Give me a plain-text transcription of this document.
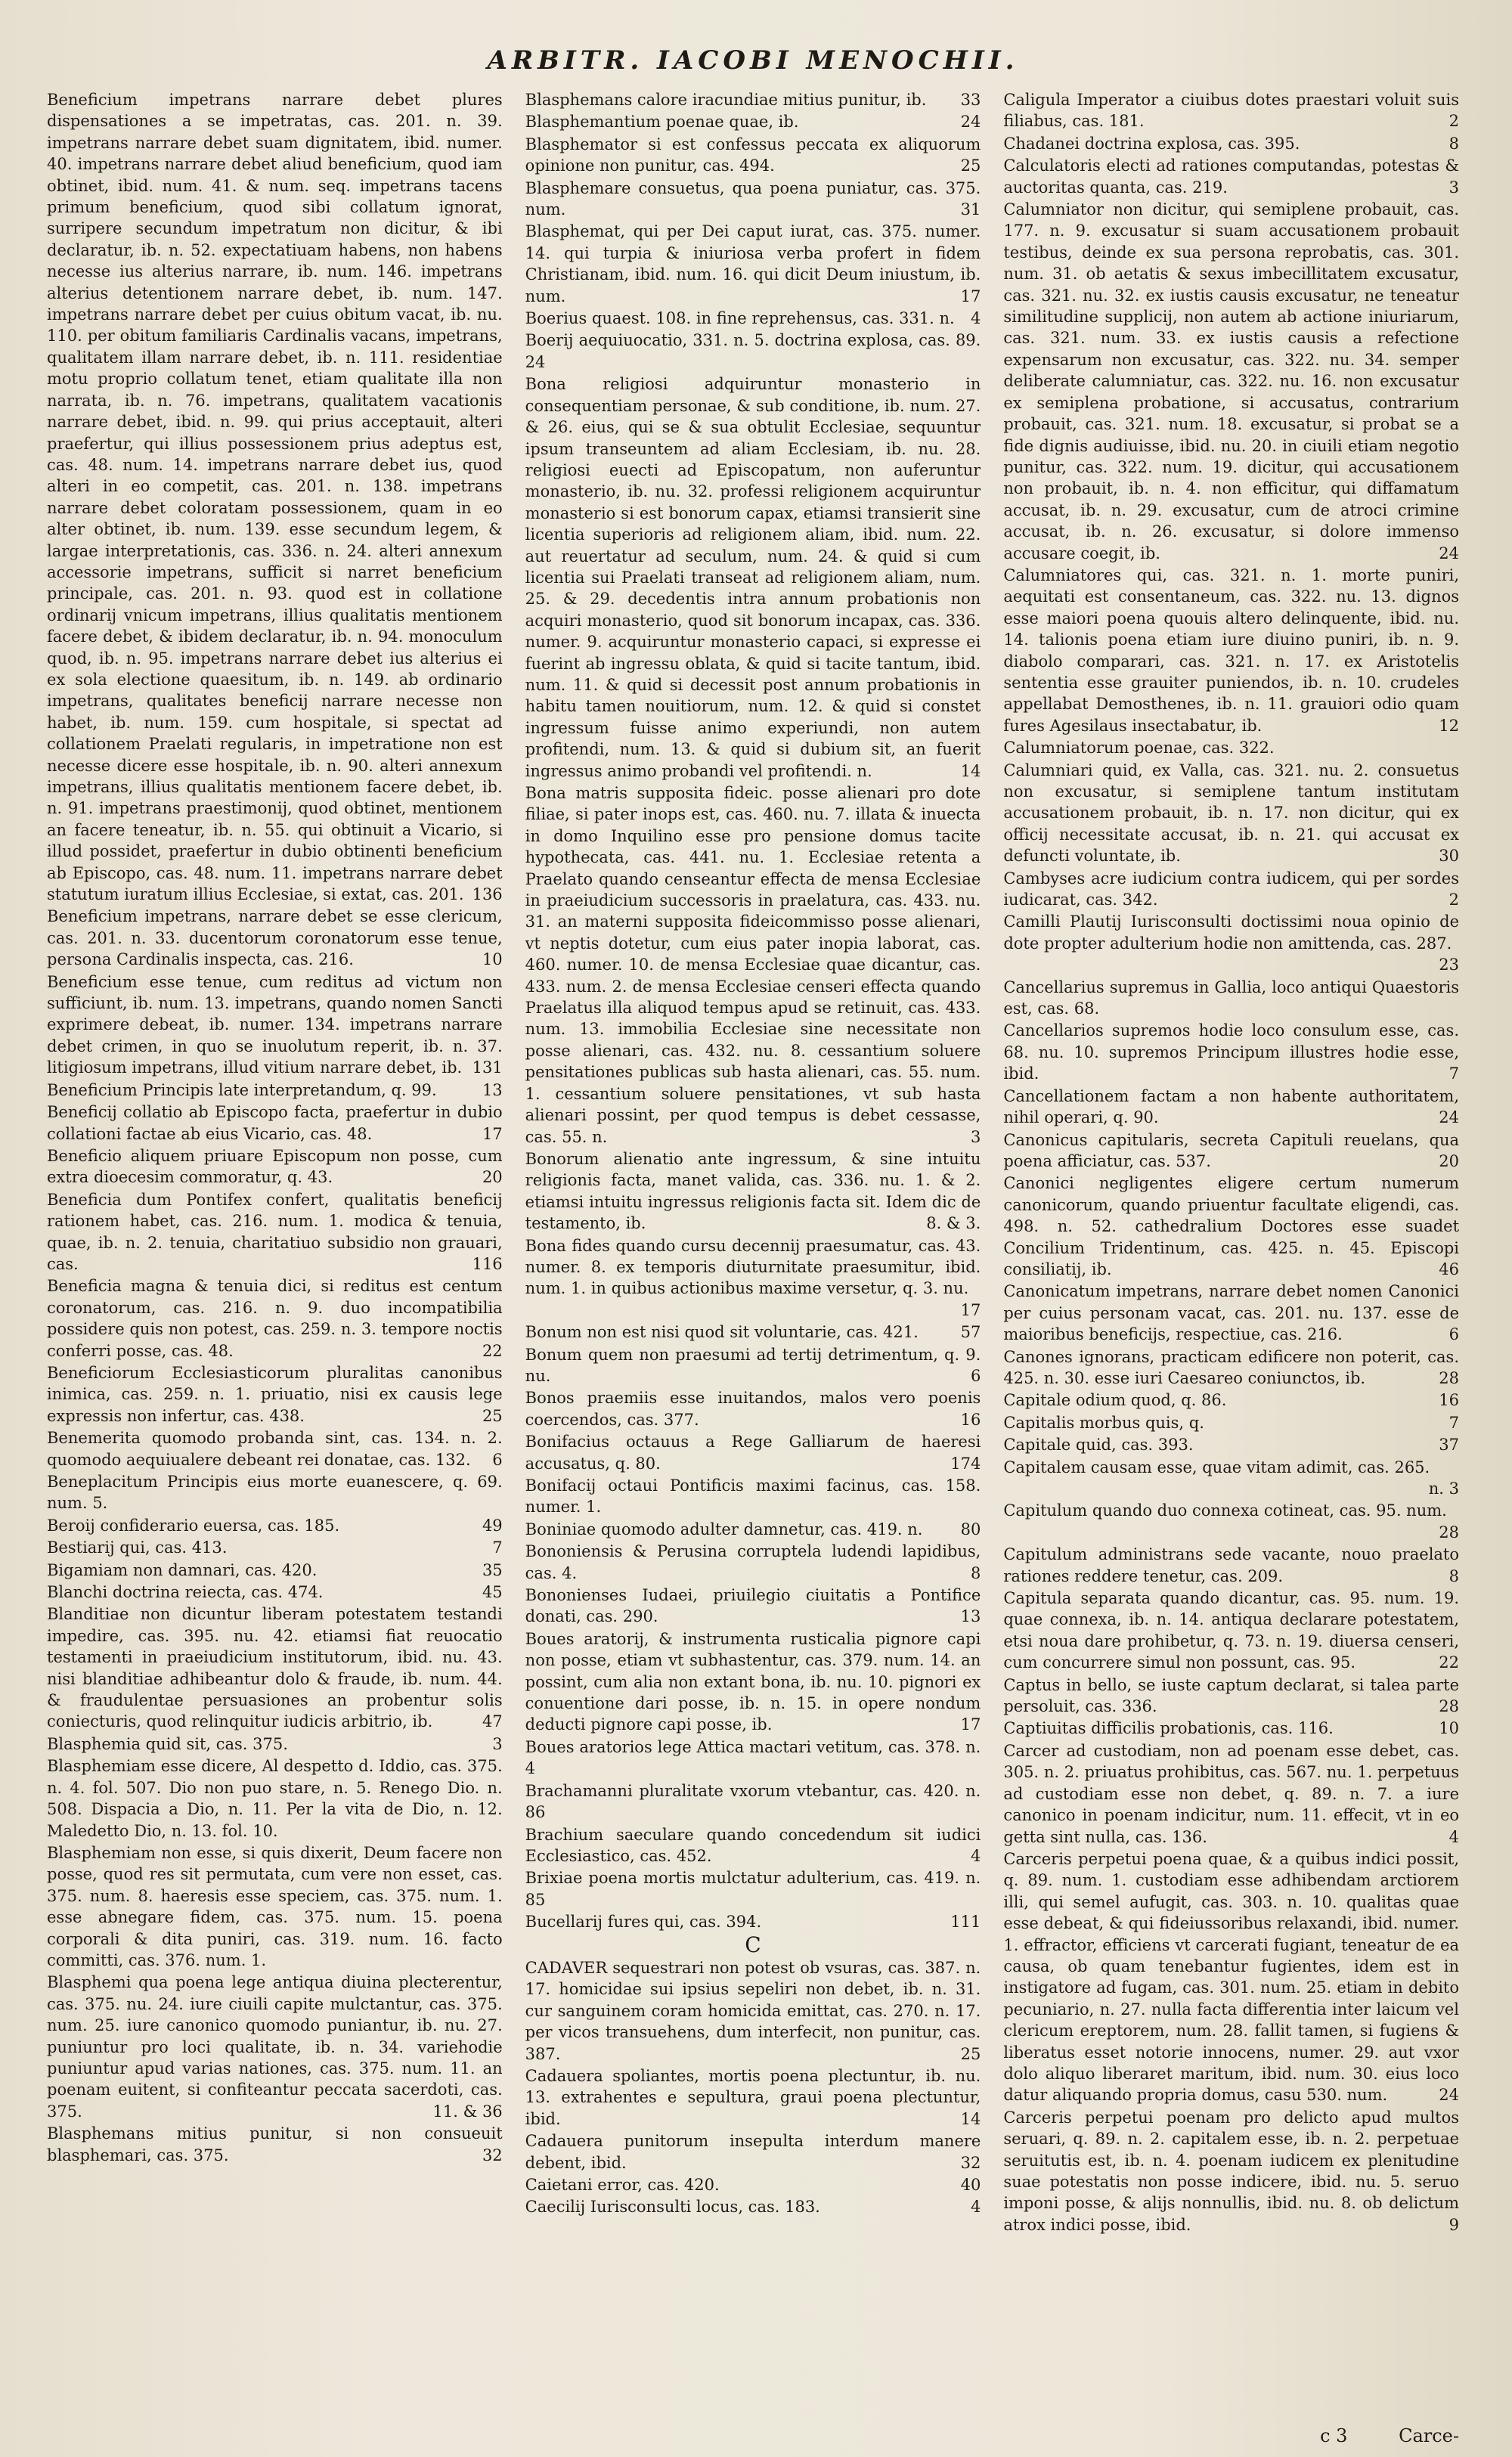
ARBITR. IACOBI MENOCHII.
Beneficium impetrans narrare debet plures dispensationes a se impetratas, cas. 201. n. 39. impetrans narrare debet suam dignitatem, ibid. numer. 40. impetrans narrare debet aliud beneficium, quod iam obtinet, ibid. num. 41. & num. seq. impetrans tacens primum beneficium, quod sibi collatum ignorat, surripere secundum impetratum non dicitur, & ibi declaratur, ib. n. 52. expectatiuam habens, non habens necesse ius alterius narrare, ib. num. 146. impetrans alterius detentionem narrare debet, ib. num. 147. impetrans narrare debet per cuius obitum vacat, ib. nu. 110. per obitum familiaris Cardinalis vacans, impetrans, qualitatem illam narrare debet, ib. n. 111. residentiae motu proprio collatum tenet, etiam qualitate illa non narrata, ib. n. 76. impetrans, qualitatem vacationis narrare debet, ibid. n. 99. qui prius acceptauit, alteri praefertur, qui illius possessionem prius adeptus est, cas. 48. num. 14. impetrans narrare debet ius, quod alteri in eo competit, cas. 201. n. 138. impetrans narrare debet coloratam possessionem, quam in eo alter obtinet, ib. num. 139. esse secundum legem, & largae interpretationis, cas. 336. n. 24. alteri annexum accessorie impetrans, sufficit si narret beneficium principale, cas. 201. n. 93. quod est in collatione ordinarij vnicum impetrans, illius qualitatis mentionem facere debet, & ibidem declaratur, ib. n. 94. monoculum quod, ib. n. 95. impetrans narrare debet ius alterius ei ex sola electione quaesitum, ib. n. 149. ab ordinario impetrans, qualitates beneficij narrare necesse non habet, ib. num. 159. cum hospitale, si spectat ad collationem Praelati regularis, in impetratione non est necesse dicere esse hospitale, ib. n. 90. alteri annexum impetrans, illius qualitatis mentionem facere debet, ib. n. 91. impetrans praestimonij, quod obtinet, mentionem an facere teneatur, ib. n. 55. qui obtinuit a Vicario, si illud possidet, praefertur in dubio obtinenti beneficium ab Episcopo, cas. 48. num. 11. impetrans narrare debet statutum iuratum illius Ecclesiae, si extat, cas. 201. 136
Beneficium impetrans, narrare debet se esse clericum, cas. 201. n. 33. ducentorum coronatorum esse tenue, persona Cardinalis inspecta, cas. 216.	10
Beneficium esse tenue, cum reditus ad victum non sufficiunt, ib. num. 13. impetrans, quando nomen Sancti exprimere debeat, ib. numer. 134. impetrans narrare debet crimen, in quo se inuolutum reperit, ib. n. 37. litigiosum impetrans, illud vitium narrare debet, ib. 131
Beneficium Principis late interpretandum, q. 99.	13
Beneficij collatio ab Episcopo facta, praefertur in dubio collationi factae ab eius Vicario, cas. 48.	17
Beneficio aliquem priuare Episcopum non posse, cum extra dioecesim commoratur, q. 43.	20
Beneficia dum Pontifex confert, qualitatis beneficij rationem habet, cas. 216. num. 1. modica & tenuia, quae, ib. n. 2. tenuia, charitatiuo subsidio non grauari, cas.	116
Beneficia magna & tenuia dici, si reditus est centum coronatorum, cas. 216. n. 9. duo incompatibilia possidere quis non potest, cas. 259. n. 3. tempore noctis conferri posse, cas. 48.	22
Beneficiorum Ecclesiasticorum pluralitas canonibus inimica, cas. 259. n. 1. priuatio, nisi ex causis lege expressis non infertur, cas. 438.	25
Benemerita quomodo probanda sint, cas. 134. n. 2. quomodo aequiualere debeant rei donatae, cas. 132.	6
Beneplacitum Principis eius morte euanescere, q. 69. num. 5.
Beroij confiderario euersa, cas. 185.	49
Bestiarij qui, cas. 413.	7
Bigamiam non damnari, cas. 420.	35
Blanchi doctrina reiecta, cas. 474.	45
Blanditiae non dicuntur liberam potestatem testandi impedire, cas. 395. nu. 42. etiamsi fiat reuocatio testamenti in praeiudicium institutorum, ibid. nu. 43. nisi blanditiae adhibeantur dolo & fraude, ib. num. 44. & fraudulentae persuasiones an probentur solis coniecturis, quod relinquitur iudicis arbitrio, ib.	47
Blasphemia quid sit, cas. 375.	3
Blasphemiam esse dicere, Al despetto d. Iddio, cas. 375. n. 4. fol. 507. Dio non puo stare, n. 5. Renego Dio. n. 508. Dispacia a Dio, n. 11. Per la vita de Dio, n. 12. Maledetto Dio, n. 13. fol. 10.
Blasphemiam non esse, si quis dixerit, Deum facere non posse, quod res sit permutata, cum vere non esset, cas. 375. num. 8. haeresis esse speciem, cas. 375. num. 1. esse abnegare fidem, cas. 375. num. 15. poena corporali & dita puniri, cas. 319. num. 16. facto committi, cas. 376. num. 1.
Blasphemi qua poena lege antiqua diuina plecterentur, cas. 375. nu. 24. iure ciuili capite mulctantur, cas. 375. num. 25. iure canonico quomodo puniantur, ib. nu. 27. puniuntur pro loci qualitate, ib. n. 34. variehodie puniuntur apud varias nationes, cas. 375. num. 11. an poenam euitent, si confiteantur peccata sacerdoti, cas. 375.	11. & 36
Blasphemans mitius punitur, si non consueuit blasphemari, cas. 375.	32
Blasphemans calore iracundiae mitius punitur, ib.	33
Blasphemantium poenae quae, ib.	24
Blasphemator si est confessus peccata ex aliquorum opinione non punitur, cas. 494.	25
Blasphemare consuetus, qua poena puniatur, cas. 375. num.	31
Blasphemat, qui per Dei caput iurat, cas. 375. numer. 14. qui turpia & iniuriosa verba profert in fidem Christianam, ibid. num. 16. qui dicit Deum iniustum, ib. num.	17
Boerius quaest. 108. in fine reprehensus, cas. 331. n.	4
Boerij aequiuocatio, 331. n. 5. doctrina explosa, cas. 89. 24
Bona religiosi adquiruntur monasterio in consequentiam personae, & sub conditione, ib. num. 27. & 26. eius, qui se & sua obtulit Ecclesiae, sequuntur ipsum transeuntem ad aliam Ecclesiam, ib. nu. 28. religiosi euecti ad Episcopatum, non auferuntur monasterio, ib. nu. 32. professi religionem acquiruntur monasterio si est bonorum capax, etiamsi transierit sine licentia superioris ad religionem aliam, ibid. num. 22. aut reuertatur ad seculum, num. 24. & quid si cum licentia sui Praelati transeat ad religionem aliam, num. 25. & 29. decedentis intra annum probationis non acquiri monasterio, quod sit bonorum incapax, cas. 336. numer. 9. acquiruntur monasterio capaci, si expresse ei fuerint ab ingressu oblata, & quid si tacite tantum, ibid. num. 11. & quid si decessit post annum probationis in habitu tamen nouitiorum, num. 12. & quid si constet ingressum fuisse animo experiundi, non autem profitendi, num. 13. & quid si dubium sit, an fuerit ingressus animo probandi vel profitendi. n.	14
Bona matris supposita fideic. posse alienari pro dote filiae, si pater inops est, cas. 460. nu. 7. illata & inuecta in domo Inquilino esse pro pensione domus tacite hypothecata, cas. 441. nu. 1. Ecclesiae retenta a Praelato quando censeantur effecta de mensa Ecclesiae in praeiudicium successoris in praelatura, cas. 433. nu. 31. an materni supposita fideicommisso posse alienari, vt neptis dotetur, cum eius pater inopia laborat, cas. 460. numer. 10. de mensa Ecclesiae quae dicantur, cas. 433. num. 2. de mensa Ecclesiae censeri effecta quando Praelatus illa aliquod tempus apud se retinuit, cas. 433. num. 13. immobilia Ecclesiae sine necessitate non posse alienari, cas. 432. nu. 8. cessantium soluere pensitationes publicas sub hasta alienari, cas. 55. num. 1. cessantium soluere pensitationes, vt sub hasta alienari possint, per quod tempus is debet cessasse, cas. 55. n.	3
Bonorum alienatio ante ingressum, & sine intuitu religionis facta, manet valida, cas. 336. nu. 1. & 2. etiamsi intuitu ingressus religionis facta sit. Idem dic de testamento, ib.	8. & 3.
Bona fides quando cursu decennij praesumatur, cas. 43. numer. 8. ex temporis diuturnitate praesumitur, ibid. num. 1. in quibus actionibus maxime versetur, q. 3. nu.
17
Bonum non est nisi quod sit voluntarie, cas. 421.	57
Bonum quem non praesumi ad tertij detrimentum, q. 9. nu.	6
Bonos praemiis esse inuitandos, malos vero poenis coercendos, cas. 377.	16
Bonifacius octauus a Rege Galliarum de haeresi accusatus, q. 80.	174
Bonifacij octaui Pontificis maximi facinus, cas. 158. numer. 1.
Boniniae quomodo adulter damnetur, cas. 419. n.	80
Bononiensis & Perusina corruptela ludendi lapidibus, cas. 4.	8
Bononienses Iudaei, priuilegio ciuitatis a Pontifice donati, cas. 290.	13
Boues aratorij, & instrumenta rusticalia pignore capi non posse, etiam vt subhastentur, cas. 379. num. 14. an possint, cum alia non extant bona, ib. nu. 10. pignori ex conuentione dari posse, ib. n. 15. in opere nondum deducti pignore capi posse, ib.	17
Boues aratorios lege Attica mactari vetitum, cas. 378. n. 4
Brachamanni pluralitate vxorum vtebantur, cas. 420. n. 86
Brachium saeculare quando concedendum sit iudici Ecclesiastico, cas. 452.	4
Brixiae poena mortis mulctatur adulterium, cas. 419. n. 85
Bucellarij fures qui, cas. 394.	111
C
CADAVER sequestrari non potest ob vsuras, cas. 387. n. 17. homicidae sui ipsius sepeliri non debet, ib. n. 31. cur sanguinem coram homicida emittat, cas. 270. n. 17. per vicos transuehens, dum interfecit, non punitur, cas. 387.	25
Cadauera spoliantes, mortis poena plectuntur, ib. nu. 13. extrahentes e sepultura, graui poena plectuntur, ibid.	14
Cadauera punitorum insepulta interdum manere debent, ibid.	32
Caietani error, cas. 420.	40
Caecilij Iurisconsulti locus, cas. 183.	4
Caligula Imperator a ciuibus dotes praestari voluit suis filiabus, cas. 181.	2
Chadanei doctrina explosa, cas. 395.	8
Calculatoris electi ad rationes computandas, potestas & auctoritas quanta, cas. 219.	3
Calumniator non dicitur, qui semiplene probauit, cas. 177. n. 9. excusatur si suam accusationem probauit testibus, deinde ex sua persona reprobatis, cas. 301. num. 31. ob aetatis & sexus imbecillitatem excusatur, cas. 321. nu. 32. ex iustis causis excusatur, ne teneatur similitudine supplicij, non autem ab actione iniuriarum, cas. 321. num. 33. ex iustis causis a refectione expensarum non excusatur, cas. 322. nu. 34. semper deliberate calumniatur, cas. 322. nu. 16. non excusatur ex semiplena probatione, si accusatus, contrarium probauit, cas. 321. num. 18. excusatur, si probat se a fide dignis audiuisse, ibid. nu. 20. in ciuili etiam negotio punitur, cas. 322. num. 19. dicitur, qui accusationem non probauit, ib. n. 4. non efficitur, qui diffamatum accusat, ib. n. 29. excusatur, cum de atroci crimine accusat, ib. n. 26. excusatur, si dolore immenso accusare coegit, ib.	24
Calumniatores qui, cas. 321. n. 1. morte puniri, aequitati est consentaneum, cas. 322. nu. 13. dignos esse maiori poena quouis altero delinquente, ibid. nu. 14. talionis poena etiam iure diuino puniri, ib. n. 9. diabolo comparari, cas. 321. n. 17. ex Aristotelis sententia esse grauiter puniendos, ib. n. 10. crudeles appellabat Demosthenes, ib. n. 11. grauiori odio quam fures Agesilaus insectabatur, ib.	12
Calumniatorum poenae, cas. 322.
Calumniari quid, ex Valla, cas. 321. nu. 2. consuetus non excusatur, si semiplene tantum institutam accusationem probauit, ib. n. 17. non dicitur, qui ex officij necessitate accusat, ib. n. 21. qui accusat ex defuncti voluntate, ib.	30
Cambyses acre iudicium contra iudicem, qui per sordes iudicarat, cas. 342.	2
Camilli Plautij Iurisconsulti doctissimi noua opinio de dote propter adulterium hodie non amittenda, cas. 287.
23
Cancellarius supremus in Gallia, loco antiqui Quaestoris est, cas. 68.
Cancellarios supremos hodie loco consulum esse, cas. 68. nu. 10. supremos Principum illustres hodie esse, ibid.	7
Cancellationem factam a non habente authoritatem, nihil operari, q. 90.	24
Canonicus capitularis, secreta Capituli reuelans, qua poena afficiatur, cas. 537.	20
Canonici negligentes eligere certum numerum canonicorum, quando priuentur facultate eligendi, cas. 498. n. 52. cathedralium Doctores esse suadet Concilium Tridentinum, cas. 425. n. 45. Episcopi consiliatij, ib.	46
Canonicatum impetrans, narrare debet nomen Canonici per cuius personam vacat, cas. 201. nu. 137. esse de maioribus beneficijs, respectiue, cas. 216.	6
Canones ignorans, practicam edificere non poterit, cas. 425. n. 30. esse iuri Caesareo coniunctos, ib.	28
Capitale odium quod, q. 86.	16
Capitalis morbus quis, q.	7
Capitale quid, cas. 393.	37
Capitalem causam esse, quae vitam adimit, cas. 265.
n. 3
Capitulum quando duo connexa cotineat, cas. 95. num.
28
Capitulum administrans sede vacante, nouo praelato rationes reddere tenetur, cas. 209.	8
Capitula separata quando dicantur, cas. 95. num. 19. quae connexa, ib. n. 14. antiqua declarare potestatem, etsi noua dare prohibetur, q. 73. n. 19. diuersa censeri, cum concurrere simul non possunt, cas. 95.	22
Captus in bello, se iuste captum declarat, si talea parte persoluit, cas. 336.	28
Captiuitas difficilis probationis, cas. 116.	10
Carcer ad custodiam, non ad poenam esse debet, cas. 305. n. 2. priuatus prohibitus, cas. 567. nu. 1. perpetuus ad custodiam esse non debet, q. 89. n. 7. a iure canonico in poenam indicitur, num. 11. effecit, vt in eo getta sint nulla, cas. 136.	4
Carceris perpetui poena quae, & a quibus indici possit, q. 89. num. 1. custodiam esse adhibendam arctiorem illi, qui semel aufugit, cas. 303. n. 10. qualitas quae esse debeat, & qui fideiussoribus relaxandi, ibid. numer. 1. effractor, efficiens vt carcerati fugiant, teneatur de ea causa, ob quam tenebantur fugientes, idem est in instigatore ad fugam, cas. 301. num. 25. etiam in debito pecuniario, n. 27. nulla facta differentia inter laicum vel clericum ereptorem, num. 28. fallit tamen, si fugiens & liberatus esset notorie innocens, numer. 29. aut vxor dolo aliquo liberaret maritum, ibid. num. 30. eius loco datur aliquando propria domus, casu 530. num.	24
Carceris perpetui poenam pro delicto apud multos seruari, q. 89. n. 2. capitalem esse, ib. n. 2. perpetuae seruitutis est, ib. n. 4. poenam iudicem ex plenitudine suae potestatis non posse indicere, ibid. nu. 5. seruo imponi posse, & alijs nonnullis, ibid. nu. 8. ob delictum atrox indici posse, ibid.	9
c 3	Carce-
